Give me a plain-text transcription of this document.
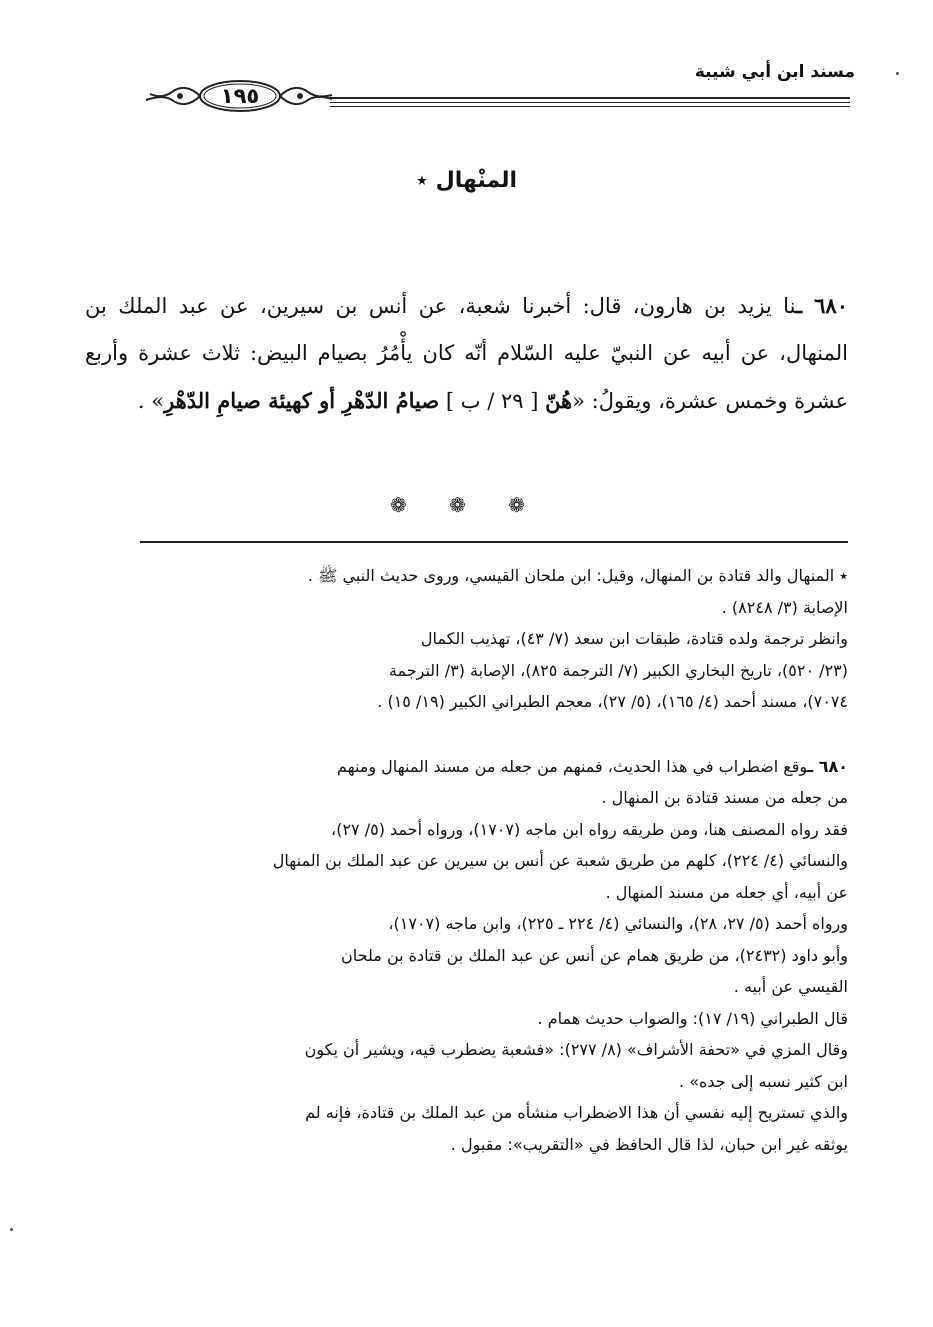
مسند ابن أبي شيبة
١٩٥
المنْهال ٭
٦٨٠ ـنا يزيد بن هارون، قال: أخبرنا شعبة، عن أنس بن سيرين، عن عبد الملك بن المنهال، عن أبيه عن النبيّ عليه السّلام أنّه كان يأْمُرُ بصيام البيض: ثلاث عشرة وأربع عشرة وخمس عشرة، ويقولُ: «هُنّ [ ٢٩ / ب ] صيامُ الدّهْرِ أو كهيئة صيامِ الدّهْرِ» .
❁ ❁ ❁

٭ المنهال والد قتادة بن المنهال، وقيل: ابن ملحان القيسي، وروى حديث النبي ﷺ .

الإصابة (٣/ ٨٢٤٨) .

وانظر ترجمة ولده قتادة، طبقات ابن سعد (٧/ ٤٣)، تهذيب الكمال

(٢٣/ ٥٢٠)، تاريخ البخاري الكبير (٧/ الترجمة ٨٢٥)، الإصابة (٣/ الترجمة

٧٠٧٤)، مسند أحمد (٤/ ١٦٥)، (٥/ ٢٧)، معجم الطبراني الكبير (١٩/ ١٥) .

٦٨٠ ـوقع اضطراب في هذا الحديث، فمنهم من جعله من مسند المنهال ومنهم

من جعله من مسند قتادة بن المنهال .

فقد رواه المصنف هنا، ومن طريقه رواه ابن ماجه (١٧٠٧)، ورواه أحمد (٥/ ٢٧)،

والنسائي (٤/ ٢٢٤)، كلهم من طريق شعبة عن أنس بن سيرين عن عبد الملك بن المنهال

عن أبيه، أي جعله من مسند المنهال .

ورواه أحمد (٥/ ٢٧، ٢٨)، والنسائي (٤/ ٢٢٤ ـ ٢٢٥)، وابن ماجه (١٧٠٧)،

وأبو داود (٢٤٣٢)، من طريق همام عن أنس عن عبد الملك بن قتادة بن ملحان

القيسي عن أبيه .

قال الطبراني (١٩/ ١٧): والصواب حديث همام .

وقال المزي في «تحفة الأشراف» (٨/ ٢٧٧): «فشعبة يضطرب فيه، ويشير أن يكون

ابن كثير نسبه إلى جده» .

والذي تستريح إليه نفسي أن هذا الاضطراب منشأه من عبد الملك بن قتادة، فإنه لم

يوثقه غير ابن حبان، لذا قال الحافظ في «التقريب»: مقبول .
